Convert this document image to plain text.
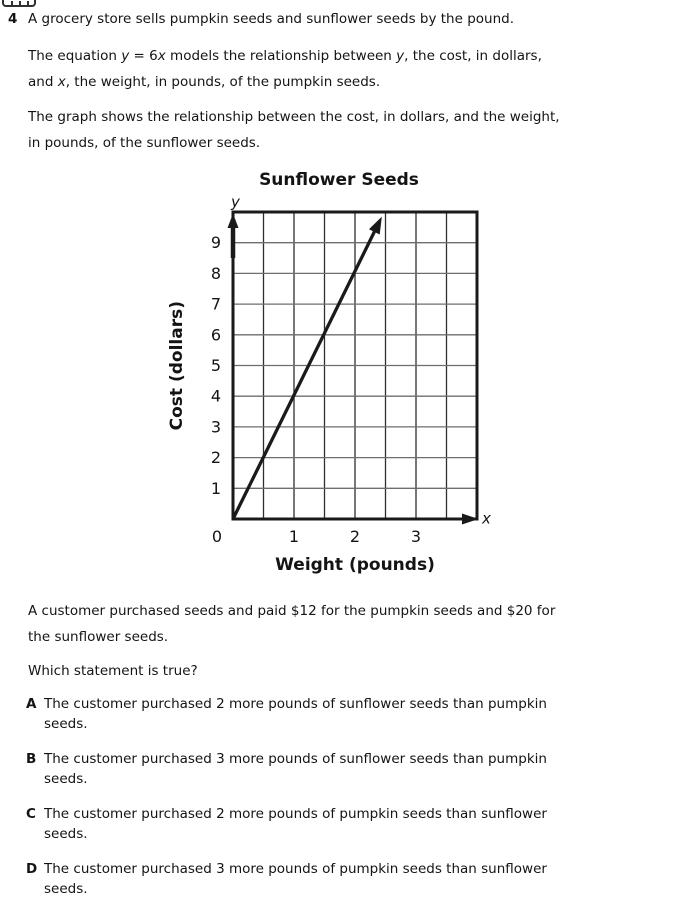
4 A grocery store sells pumpkin seeds and sunflower seeds by the pound.
The equation y = 6x models the relationship between y, the cost, in dollars,
and x, the weight, in pounds, of the pumpkin seeds.
The graph shows the relationship between the cost, in dollars, and the weight,
in pounds, of the sunflower seeds.
Sunflower Seeds
Cost (dollars)
1
2
3
4
5
6
7
8
9
1	2	3
0
y
x
Weight (pounds)
A customer purchased seeds and paid $12 for the pumpkin seeds and $20 for
the sunflower seeds.
Which statement is true?
A The customer purchased 2 more pounds of sunflower seeds than pumpkin
seeds.
B The customer purchased 3 more pounds of sunflower seeds than pumpkin
seeds.
C The customer purchased 2 more pounds of pumpkin seeds than sunflower
seeds.
D The customer purchased 3 more pounds of pumpkin seeds than sunflower
seeds.
